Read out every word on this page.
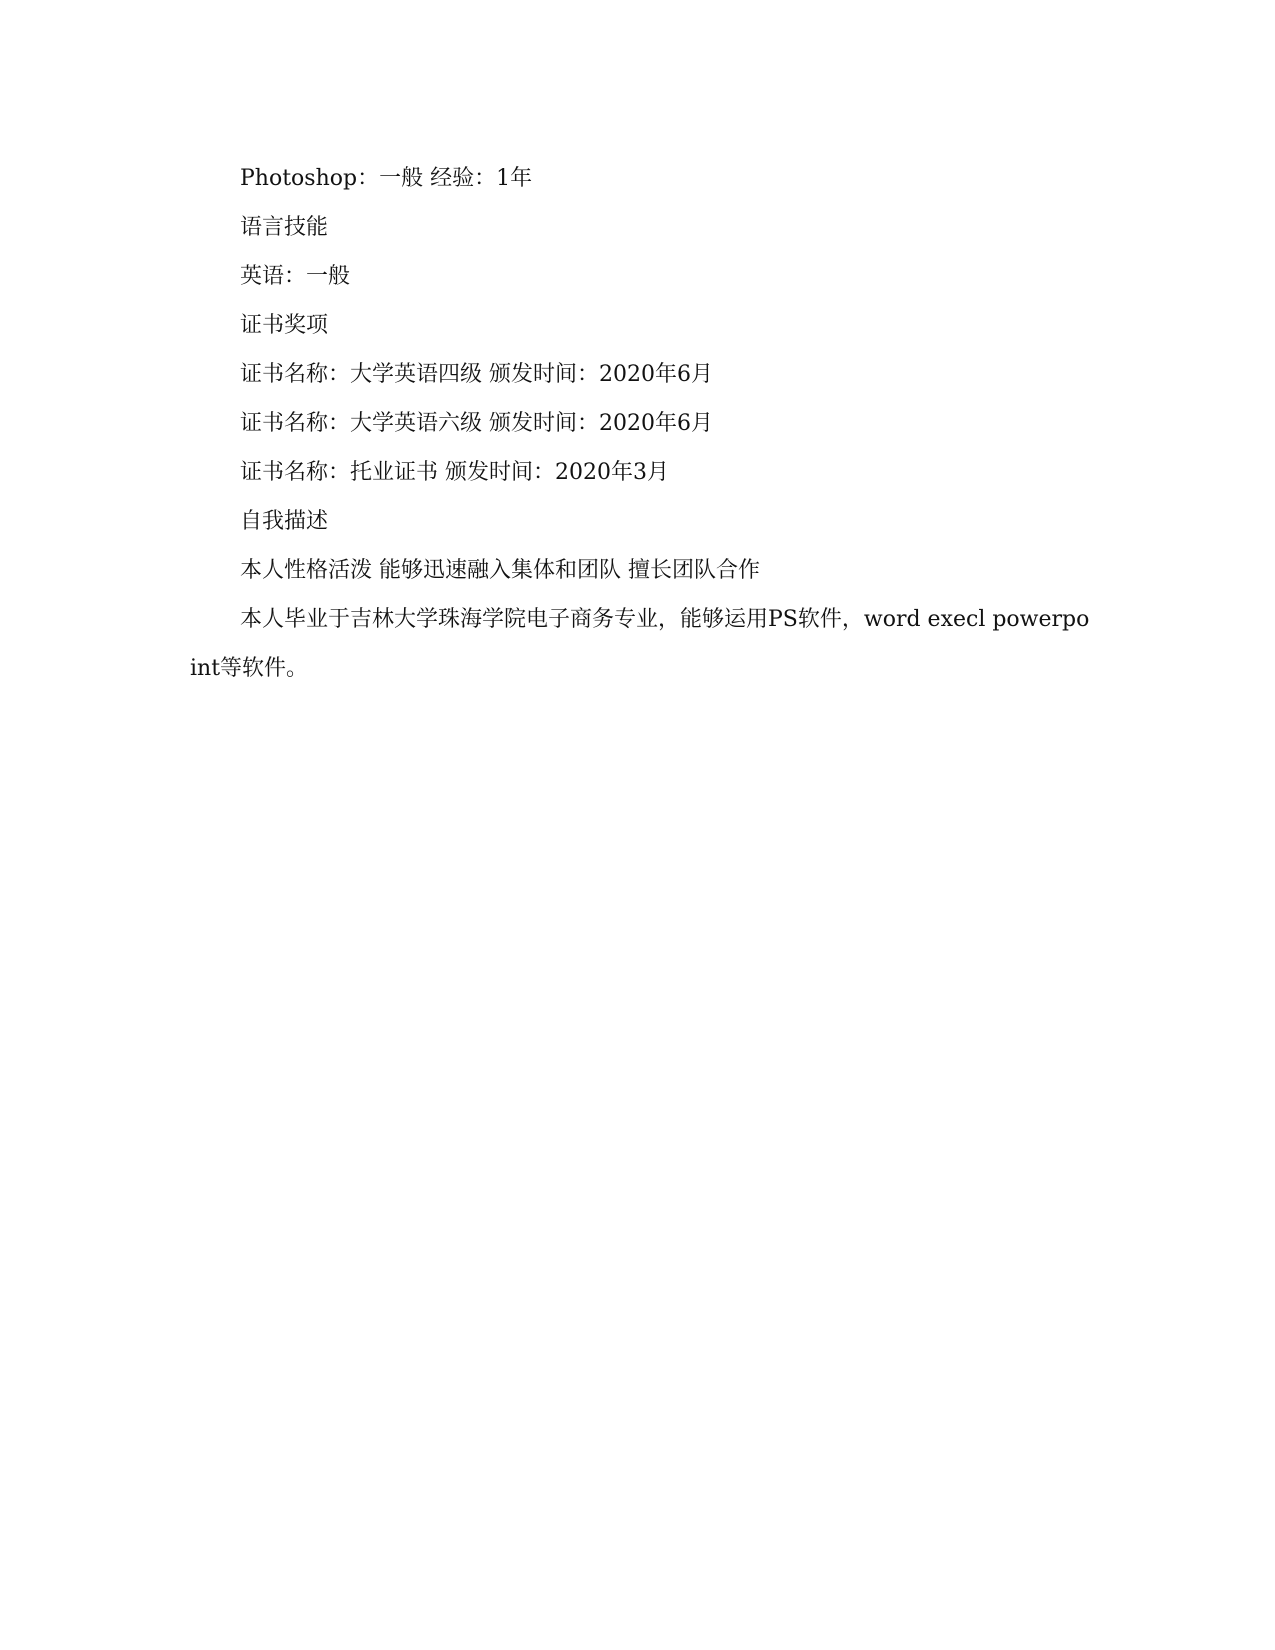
Photoshop：一般 经验：1年

语言技能

英语：一般

证书奖项

证书名称：大学英语四级 颁发时间：2020年6月

证书名称：大学英语六级 颁发时间：2020年6月

证书名称：托业证书 颁发时间：2020年3月

自我描述

本人性格活泼 能够迅速融入集体和团队 擅长团队合作

本人毕业于吉林大学珠海学院电子商务专业，能够运用PS软件，word execl powerpoint等软件。
